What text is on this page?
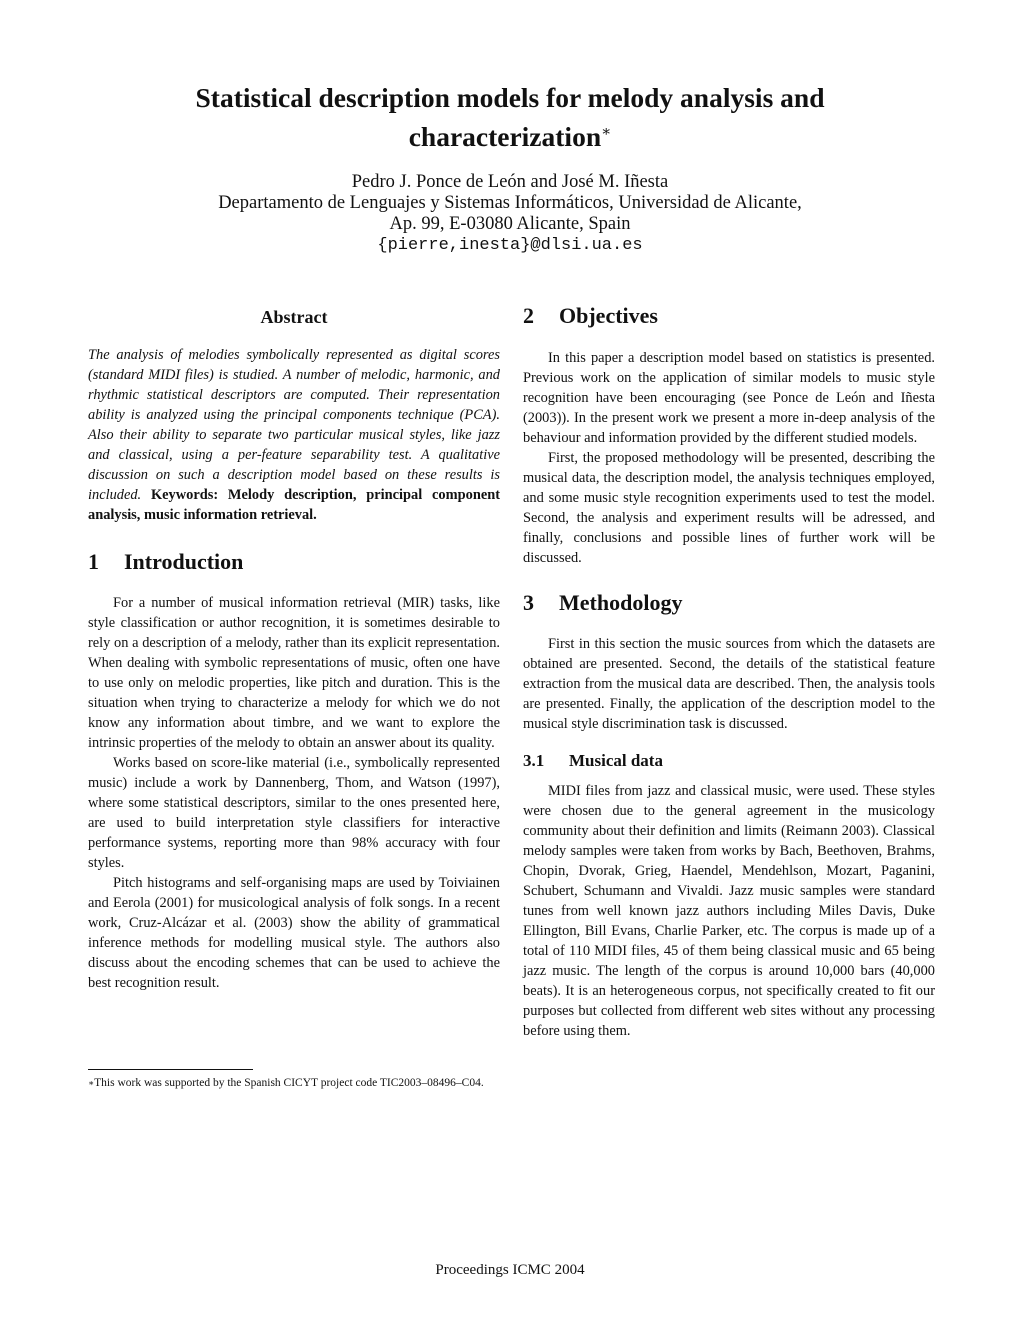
Statistical description models for melody analysis and
characterization∗
Pedro J. Ponce de León and José M. Iñesta
Departamento de Lenguajes y Sistemas Informáticos, Universidad de Alicante,
Ap. 99, E-03080 Alicante, Spain
{pierre,inesta}@dlsi.ua.es
Abstract

The analysis of melodies symbolically represented as digital scores (standard MIDI files) is studied. A number of melodic, harmonic, and rhythmic statistical descriptors are computed. Their representation ability is analyzed using the principal components technique (PCA). Also their ability to separate two particular musical styles, like jazz and classical, using a per-feature separability test. A qualitative discussion on such a description model based on these results is included. Keywords: Melody description, principal component analysis, music information retrieval.

1 Introduction

For a number of musical information retrieval (MIR) tasks, like style classification or author recognition, it is sometimes desirable to rely on a description of a melody, rather than its explicit representation. When dealing with symbolic representations of music, often one have to use only on melodic properties, like pitch and duration. This is the situation when trying to characterize a melody for which we do not know any information about timbre, and we want to explore the intrinsic properties of the melody to obtain an answer about its quality.

Works based on score-like material (i.e., symbolically represented music) include a work by Dannenberg, Thom, and Watson (1997), where some statistical descriptors, similar to the ones presented here, are used to build interpretation style classifiers for interactive performance systems, reporting more than 98% accuracy with four styles.

Pitch histograms and self-organising maps are used by Toiviainen and Eerola (2001) for musicological analysis of folk songs. In a recent work, Cruz-Alcázar et al. (2003) show the ability of grammatical inference methods for modelling musical style. The authors also discuss about the encoding schemes that can be used to achieve the best recognition result.

2 Objectives

In this paper a description model based on statistics is presented. Previous work on the application of similar models to music style recognition have been encouraging (see Ponce de León and Iñesta (2003)). In the present work we present a more in-deep analysis of the behaviour and information provided by the different studied models.

First, the proposed methodology will be presented, describing the musical data, the description model, the analysis techniques employed, and some music style recognition experiments used to test the model. Second, the analysis and experiment results will be adressed, and finally, conclusions and possible lines of further work will be discussed.

3 Methodology

First in this section the music sources from which the datasets are obtained are presented. Second, the details of the statistical feature extraction from the musical data are described. Then, the analysis tools are presented. Finally, the application of the description model to the musical style discrimination task is discussed.

3.1 Musical data

MIDI files from jazz and classical music, were used. These styles were chosen due to the general agreement in the musicology community about their definition and limits (Reimann 2003). Classical melody samples were taken from works by Bach, Beethoven, Brahms, Chopin, Dvorak, Grieg, Haendel, Mendehlson, Mozart, Paganini, Schubert, Schumann and Vivaldi. Jazz music samples were standard tunes from well known jazz authors including Miles Davis, Duke Ellington, Bill Evans, Charlie Parker, etc. The corpus is made up of a total of 110 MIDI files, 45 of them being classical music and 65 being jazz music. The length of the corpus is around 10,000 bars (40,000 beats). It is an heterogeneous corpus, not specifically created to fit our purposes but collected from different web sites without any processing before using them.

∗This work was supported by the Spanish CICYT project code TIC2003–08496–C04.
Proceedings ICMC 2004
